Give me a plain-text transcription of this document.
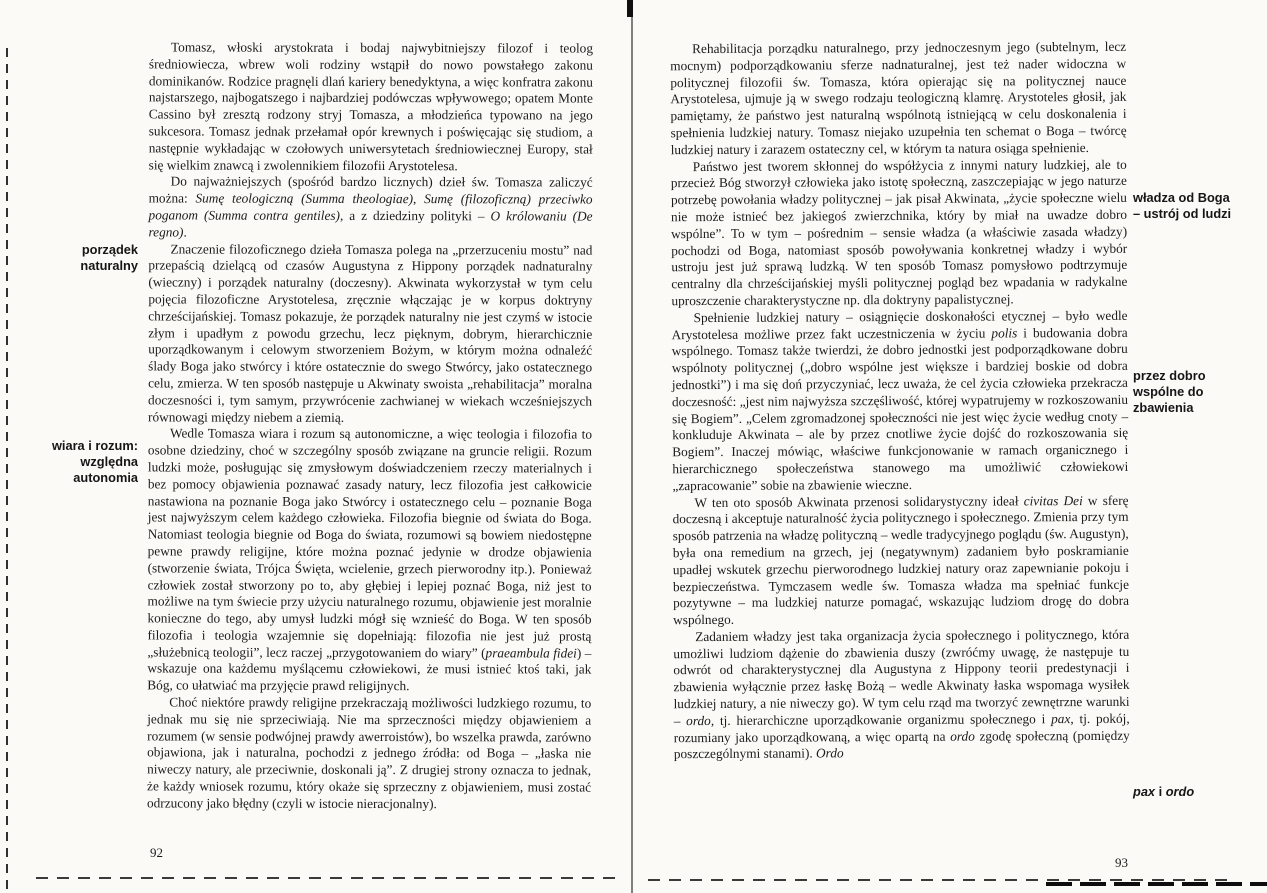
porządek
naturalny
wiara i rozum:
względna
autonomia

Tomasz, włoski arystokrata i bodaj najwybitniejszy filozof i teolog średniowiecza, wbrew woli rodziny wstąpił do nowo powstałego zakonu dominikanów. Rodzice pragnęli dlań kariery benedyktyna, a więc konfratra zakonu najstarszego, najbogatszego i najbardziej podówczas wpływowego; opatem Monte Cassino był zresztą rodzony stryj Tomasza, a młodzieńca typowano na jego sukcesora. Tomasz jednak przełamał opór krewnych i poświęcając się studiom, a następnie wykładając w czołowych uniwersytetach średniowiecznej Europy, stał się wielkim znawcą i zwolennikiem filozofii Arystotelesa.

Do najważniejszych (spośród bardzo licznych) dzieł św. Tomasza zaliczyć można: Sumę teologiczną (Summa theologiae), Sumę (filozoficzną) przeciwko poganom (Summa contra gentiles), a z dziedziny polityki – O królowaniu (De regno).

Znaczenie filozoficznego dzieła Tomasza polega na „przerzuceniu mostu” nad przepaścią dzielącą od czasów Augustyna z Hippony porządek nadnaturalny (wieczny) i porządek naturalny (doczesny). Akwinata wykorzystał w tym celu pojęcia filozoficzne Arystotelesa, zręcznie włączając je w korpus doktryny chrześcijańskiej. Tomasz pokazuje, że porządek naturalny nie jest czymś w istocie złym i upadłym z powodu grzechu, lecz pięknym, dobrym, hierarchicznie uporządkowanym i celowym stworzeniem Bożym, w którym można odnaleźć ślady Boga jako stwórcy i które ostatecznie do swego Stwórcy, jako ostatecznego celu, zmierza. W ten sposób następuje u Akwinaty swoista „rehabilitacja” moralna doczesności i, tym samym, przywrócenie zachwianej w wiekach wcześniejszych równowagi między niebem a ziemią.

Wedle Tomasza wiara i rozum są autonomiczne, a więc teologia i filozofia to osobne dziedziny, choć w szczególny sposób związane na gruncie religii. Rozum ludzki może, posługując się zmysłowym doświadczeniem rzeczy materialnych i bez pomocy objawienia poznawać zasady natury, lecz filozofia jest całkowicie nastawiona na poznanie Boga jako Stwórcy i ostatecznego celu – poznanie Boga jest najwyższym celem każdego człowieka. Filozofia biegnie od świata do Boga. Natomiast teologia biegnie od Boga do świata, rozumowi są bowiem niedostępne pewne prawdy religijne, które można poznać jedynie w drodze objawienia (stworzenie świata, Trójca Święta, wcielenie, grzech pierworodny itp.). Ponieważ człowiek został stworzony po to, aby głębiej i lepiej poznać Boga, niż jest to możliwe na tym świecie przy użyciu naturalnego rozumu, objawienie jest moralnie konieczne do tego, aby umysł ludzki mógł się wznieść do Boga. W ten sposób filozofia i teologia wzajemnie się dopełniają: filozofia nie jest już prostą „służebnicą teologii”, lecz raczej „przygotowaniem do wiary” (praeambula fidei) – wskazuje ona każdemu myślącemu człowiekowi, że musi istnieć ktoś taki, jak Bóg, co ułatwiać ma przyjęcie prawd religijnych.

Choć niektóre prawdy religijne przekraczają możliwości ludzkiego rozumu, to jednak mu się nie sprzeciwiają. Nie ma sprzeczności między objawieniem a rozumem (w sensie podwójnej prawdy awerroistów), bo wszelka prawda, zarówno objawiona, jak i naturalna, pochodzi z jednego źródła: od Boga – „łaska nie niweczy natury, ale przeciwnie, doskonali ją”. Z drugiej strony oznacza to jednak, że każdy wniosek rozumu, który okaże się sprzeczny z objawieniem, musi zostać odrzucony jako błędny (czyli w istocie nieracjonalny).

92
władza od Boga
– ustrój od ludzi
przez dobro
wspólne do
zbawienia
pax i ordo

Rehabilitacja porządku naturalnego, przy jednoczesnym jego (subtelnym, lecz mocnym) podporządkowaniu sferze nadnaturalnej, jest też nader widoczna w politycznej filozofii św. Tomasza, która opierając się na politycznej nauce Arystotelesa, ujmuje ją w swego rodzaju teologiczną klamrę. Arystoteles głosił, jak pamiętamy, że państwo jest naturalną wspólnotą istniejącą w celu doskonalenia i spełnienia ludzkiej natury. Tomasz niejako uzupełnia ten schemat o Boga – twórcę ludzkiej natury i zarazem ostateczny cel, w którym ta natura osiąga spełnienie.

Państwo jest tworem skłonnej do współżycia z innymi natury ludzkiej, ale to przecież Bóg stworzył człowieka jako istotę społeczną, zaszczepiając w jego naturze potrzebę powołania władzy politycznej – jak pisał Akwinata, „życie społeczne wielu nie może istnieć bez jakiegoś zwierzchnika, który by miał na uwadze dobro wspólne”. To w tym – pośrednim – sensie władza (a właściwie zasada władzy) pochodzi od Boga, natomiast sposób powoływania konkretnej władzy i wybór ustroju jest już sprawą ludzką. W ten sposób Tomasz pomysłowo podtrzymuje centralny dla chrześcijańskiej myśli politycznej pogląd bez wpadania w radykalne uproszczenie charakterystyczne np. dla doktryny papalistycznej.

Spełnienie ludzkiej natury – osiągnięcie doskonałości etycznej – było wedle Arystotelesa możliwe przez fakt uczestniczenia w życiu polis i budowania dobra wspólnego. Tomasz także twierdzi, że dobro jednostki jest podporządkowane dobru wspólnoty politycznej („dobro wspólne jest większe i bardziej boskie od dobra jednostki”) i ma się doń przyczyniać, lecz uważa, że cel życia człowieka przekracza doczesność: „jest nim najwyższa szczęśliwość, której wypatrujemy w rozkoszowaniu się Bogiem”. „Celem zgromadzonej społeczności nie jest więc życie według cnoty – konkluduje Akwinata – ale by przez cnotliwe życie dojść do rozkoszowania się Bogiem”. Inaczej mówiąc, właściwe funkcjonowanie w ramach organicznego i hierarchicznego społeczeństwa stanowego ma umożliwić człowiekowi „zapracowanie” sobie na zbawienie wieczne.

W ten oto sposób Akwinata przenosi solidarystyczny ideał civitas Dei w sferę doczesną i akceptuje naturalność życia politycznego i społecznego. Zmienia przy tym sposób patrzenia na władzę polityczną – wedle tradycyjnego poglądu (św. Augustyn), była ona remedium na grzech, jej (negatywnym) zadaniem było poskramianie upadłej wskutek grzechu pierworodnego ludzkiej natury oraz zapewnianie pokoju i bezpieczeństwa. Tymczasem wedle św. Tomasza władza ma spełniać funkcje pozytywne – ma ludzkiej naturze pomagać, wskazując ludziom drogę do dobra wspólnego.

Zadaniem władzy jest taka organizacja życia społecznego i politycznego, która umożliwi ludziom dążenie do zbawienia duszy (zwróćmy uwagę, że następuje tu odwrót od charakterystycznej dla Augustyna z Hippony teorii predestynacji i zbawienia wyłącznie przez łaskę Bożą – wedle Akwinaty łaska wspomaga wysiłek ludzkiej natury, a nie niweczy go). W tym celu rząd ma tworzyć zewnętrzne warunki – ordo, tj. hierarchiczne uporządkowanie organizmu społecznego i pax, tj. pokój, rozumiany jako uporządkowaną, a więc opartą na ordo zgodę społeczną (pomiędzy poszczególnymi stanami). Ordo

93
